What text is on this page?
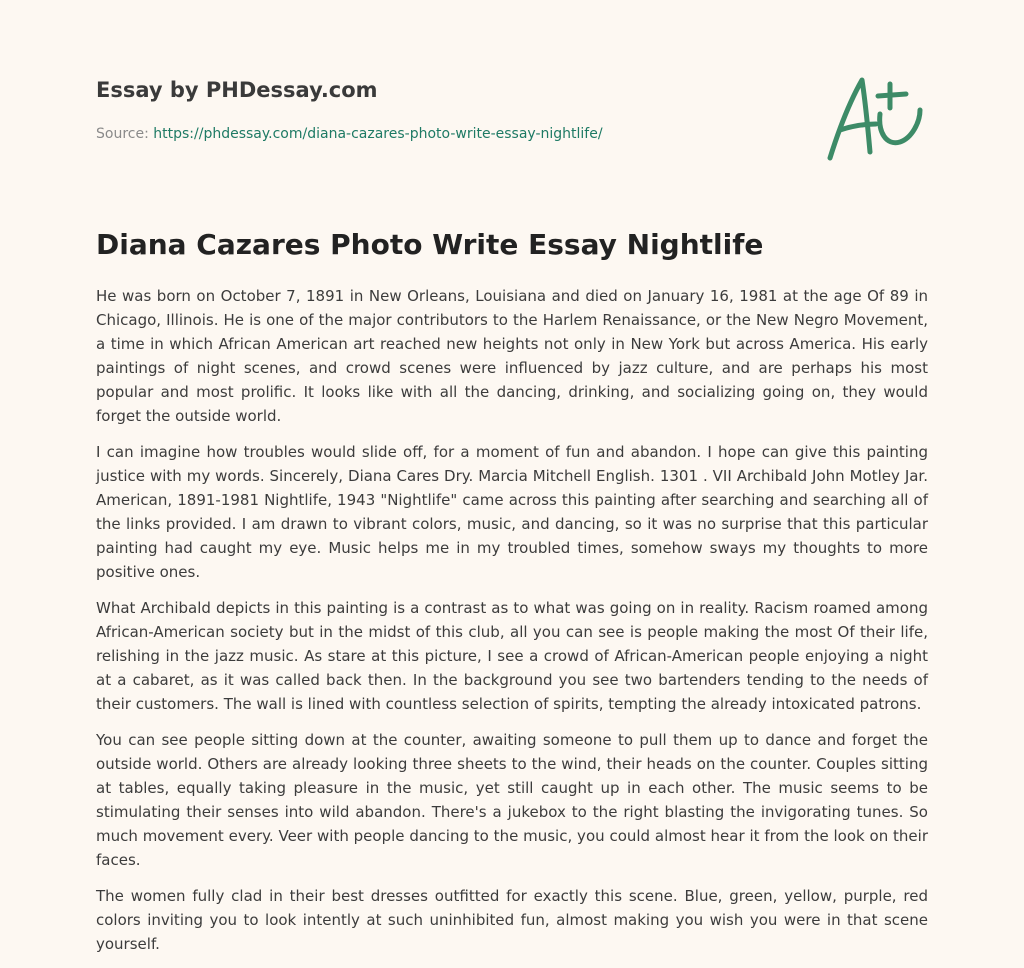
Essay by PHDessay.com
Source: https://phdessay.com/diana-cazares-photo-write-essay-nightlife/
Diana Cazares Photo Write Essay Nightlife

He was born on October 7, 1891 in New Orleans, Louisiana and died on January 16, 1981 at the age Of 89 in Chicago, Illinois. He is one of the major contributors to the Harlem Renaissance, or the New Negro Movement, a time in which African American art reached new heights not only in New York but across America. His early paintings of night scenes, and crowd scenes were influenced by jazz culture, and are perhaps his most popular and most prolific. It looks like with all the dancing, drinking, and socializing going on, they would forget the outside world.

I can imagine how troubles would slide off, for a moment of fun and abandon. I hope can give this painting justice with my words. Sincerely, Diana Cares Dry. Marcia Mitchell English. 1301 . VII Archibald John Motley Jar. American, 1891-1981 Nightlife, 1943 "Nightlife" came across this painting after searching and searching all of the links provided. I am drawn to vibrant colors, music, and dancing, so it was no surprise that this particular painting had caught my eye. Music helps me in my troubled times, somehow sways my thoughts to more positive ones.

What Archibald depicts in this painting is a contrast as to what was going on in reality. Racism roamed among African-American society but in the midst of this club, all you can see is people making the most Of their life, relishing in the jazz music. As stare at this picture, I see a crowd of African-American people enjoying a night at a cabaret, as it was called back then. In the background you see two bartenders tending to the needs of their customers. The wall is lined with countless selection of spirits, tempting the already intoxicated patrons.

You can see people sitting down at the counter, awaiting someone to pull them up to dance and forget the outside world. Others are already looking three sheets to the wind, their heads on the counter. Couples sitting at tables, equally taking pleasure in the music, yet still caught up in each other. The music seems to be stimulating their senses into wild abandon. There's a jukebox to the right blasting the invigorating tunes. So much movement every. Veer with people dancing to the music, you could almost hear it from the look on their faces.

The women fully clad in their best dresses outfitted for exactly this scene. Blue, green, yellow, purple, red colors inviting you to look intently at such uninhibited fun, almost making you wish you were in that scene yourself.
